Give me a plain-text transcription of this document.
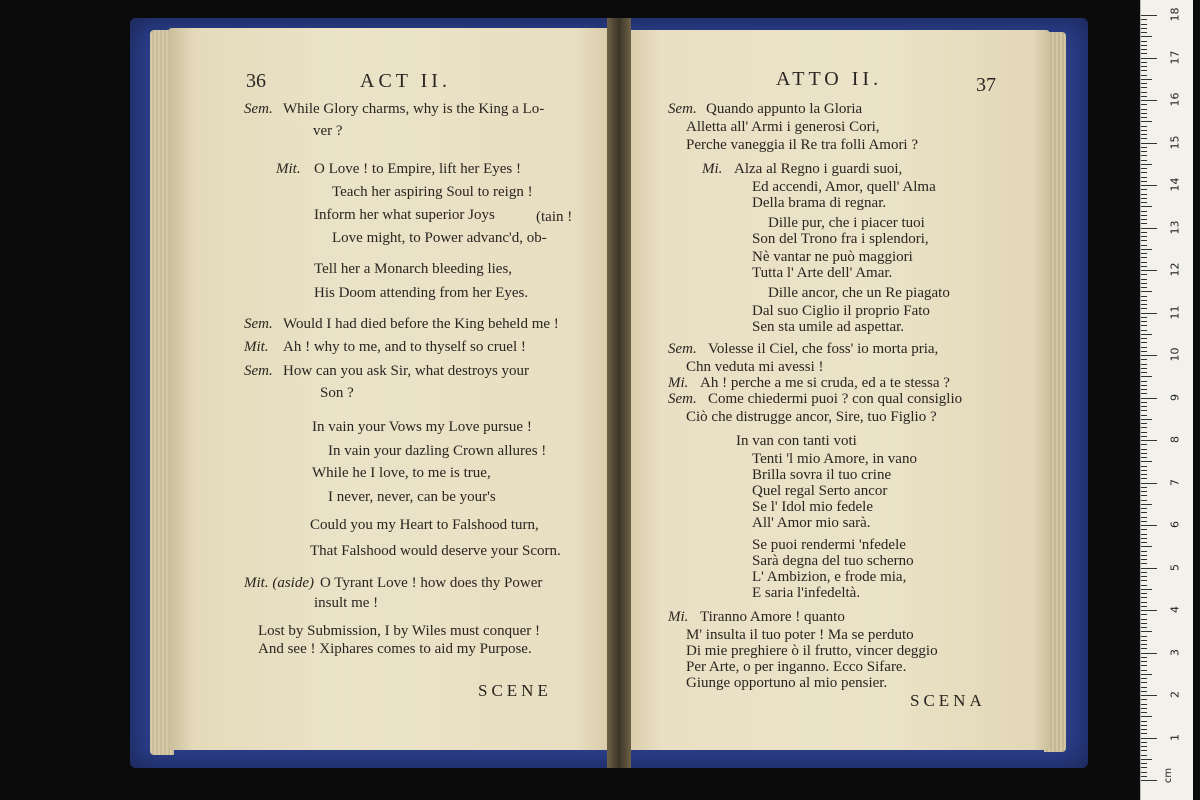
36	ACT II.
Sem. While Glory charms, why is the King a Lo-
ver ?
Mit. O Love ! to Empire, lift her Eyes !
Teach her aspiring Soul to reign !
Inform her what superior Joys	(tain !
Love might, to Power advanc'd, ob-
Tell her a Monarch bleeding lies,
His Doom attending from her Eyes.
Sem. Would I had died before the King beheld me !
Mit. Ah ! why to me, and to thyself so cruel !
Sem. How can you ask Sir, what destroys your
Son ?
In vain your Vows my Love pursue !
In vain your dazling Crown allures !
While he I love, to me is true,
I never, never, can be your's
Could you my Heart to Falshood turn,
That Falshood would deserve your Scorn.
Mit. (aside) O Tyrant Love ! how does thy Power
insult me !
Lost by Submission, I by Wiles must conquer !
And see ! Xiphares comes to aid my Purpose.
SCENE
ATTO II.	37
Sem. Quando appunto la Gloria
Alletta all' Armi i generosi Cori,
Perche vaneggia il Re tra folli Amori ?
Mi. Alza al Regno i guardi suoi,
Ed accendi, Amor, quell' Alma
Della brama di regnar.
Dille pur, che i piacer tuoi
Son del Trono fra i splendori,
Nè vantar ne può maggiori
Tutta l' Arte dell' Amar.
Dille ancor, che un Re piagato
Dal suo Ciglio il proprio Fato
Sen sta umile ad aspettar.
Sem. Volesse il Ciel, che foss' io morta pria,
Chn veduta mi avessi !
Mi. Ah ! perche a me si cruda, ed a te stessa ?
Sem. Come chiedermi puoi ? con qual consiglio
Ciò che distrugge ancor, Sire, tuo Figlio ?
In van con tanti voti
Tenti 'l mio Amore, in vano
Brilla sovra il tuo crine
Quel regal Serto ancor
Se l' Idol mio fedele
All' Amor mio sarà.
Se puoi rendermi 'nfedele
Sarà degna del tuo scherno
L' Ambizion, e frode mia,
E saria l'infedeltà.
Mi. Tiranno Amore ! quanto
M' insulta il tuo poter ! Ma se perduto
Di mie preghiere ò il frutto, vincer deggio
Per Arte, o per inganno. Ecco Sifare.
Giunge opportuno al mio pensier.
SCENA
cm
1
2
3
4
5
6
7
8
9
10
11
12
13
14
15
16
17
18
